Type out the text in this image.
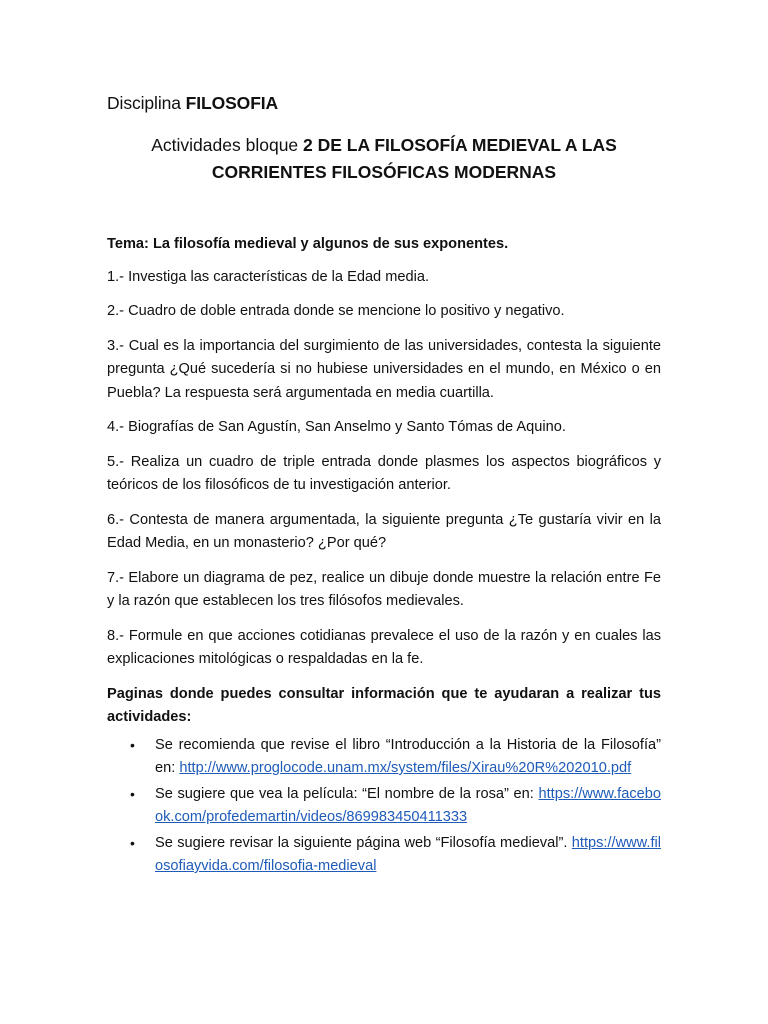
Disciplina FILOSOFIA
Actividades bloque 2 DE LA FILOSOFÍA MEDIEVAL A LAS CORRIENTES FILOSÓFICAS MODERNAS

Tema: La filosofía medieval y algunos de sus exponentes.

1.- Investiga las características de la Edad media.

2.- Cuadro de doble entrada donde se mencione lo positivo y negativo.

3.- Cual es la importancia del surgimiento de las universidades, contesta la siguiente pregunta ¿Qué sucedería si no hubiese universidades en el mundo, en México o en Puebla? La respuesta será argumentada en media cuartilla.

4.- Biografías de San Agustín, San Anselmo y Santo Tómas de Aquino.

5.- Realiza un cuadro de triple entrada donde plasmes los aspectos biográficos y teóricos de los filosóficos de tu investigación anterior.

6.- Contesta de manera argumentada, la siguiente pregunta ¿Te gustaría vivir en la Edad Media, en un monasterio? ¿Por qué?

7.- Elabore un diagrama de pez, realice un dibuje donde muestre la relación entre Fe y la razón que establecen los tres filósofos medievales.

8.- Formule en que acciones cotidianas prevalece el uso de la razón y en cuales las explicaciones mitológicas o respaldadas en la fe.

Paginas donde puedes consultar información que te ayudaran a realizar tus actividades:

• Se recomienda que revise el libro “Introducción a la Historia de la Filosofía” en: http://www.proglocode.unam.mx/system/files/Xirau%20R%202010.pdf
• Se sugiere que vea la película: “El nombre de la rosa” en: https://www.facebook.com/profedemartin/videos/869983450411333
• Se sugiere revisar la siguiente página web “Filosofía medieval”. https://www.filosofiayvida.com/filosofia-medieval
